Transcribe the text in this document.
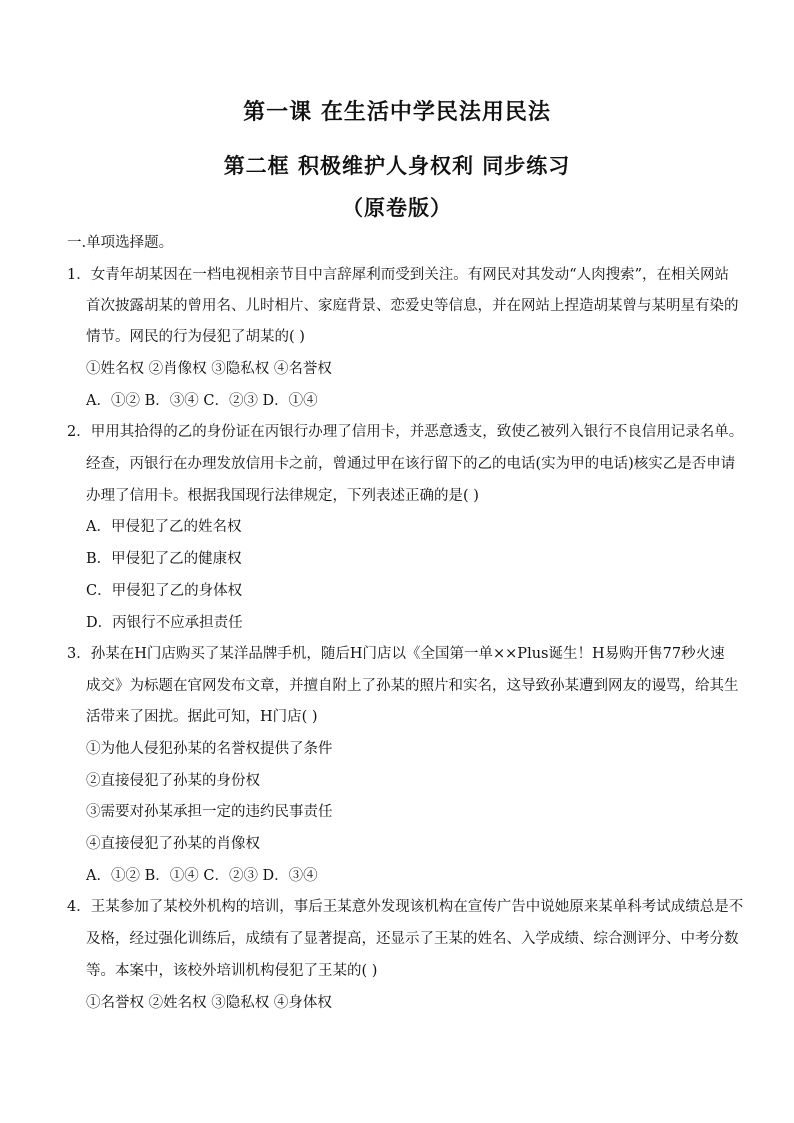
第一课 在生活中学民法用民法
第二框 积极维护人身权利 同步练习
（原卷版）
一.单项选择题。
1．女青年胡某因在一档电视相亲节目中言辞犀利而受到关注。有网民对其发动“人肉搜索”，在相关网站
首次披露胡某的曾用名、儿时相片、家庭背景、恋爱史等信息，并在网站上捏造胡某曾与某明星有染的
情节。网民的行为侵犯了胡某的( )
①姓名权 ②肖像权 ③隐私权 ④名誉权
A．①② B．③④ C．②③ D．①④
2．甲用其拾得的乙的身份证在丙银行办理了信用卡，并恶意透支，致使乙被列入银行不良信用记录名单。
经查，丙银行在办理发放信用卡之前，曾通过甲在该行留下的乙的电话(实为甲的电话)核实乙是否申请
办理了信用卡。根据我国现行法律规定，下列表述正确的是( )
A．甲侵犯了乙的姓名权
B．甲侵犯了乙的健康权
C．甲侵犯了乙的身体权
D．丙银行不应承担责任
3．孙某在H门店购买了某洋品牌手机，随后H门店以《全国第一单××Plus诞生！H易购开售77秒火速
成交》为标题在官网发布文章，并擅自附上了孙某的照片和实名，这导致孙某遭到网友的谩骂，给其生
活带来了困扰。据此可知，H门店( )
①为他人侵犯孙某的名誉权提供了条件
②直接侵犯了孙某的身份权
③需要对孙某承担一定的违约民事责任
④直接侵犯了孙某的肖像权
A．①② B．①④ C．②③ D．③④
4．王某参加了某校外机构的培训，事后王某意外发现该机构在宣传广告中说她原来某单科考试成绩总是不
及格，经过强化训练后，成绩有了显著提高，还显示了王某的姓名、入学成绩、综合测评分、中考分数
等。本案中，该校外培训机构侵犯了王某的( )
①名誉权 ②姓名权 ③隐私权 ④身体权
